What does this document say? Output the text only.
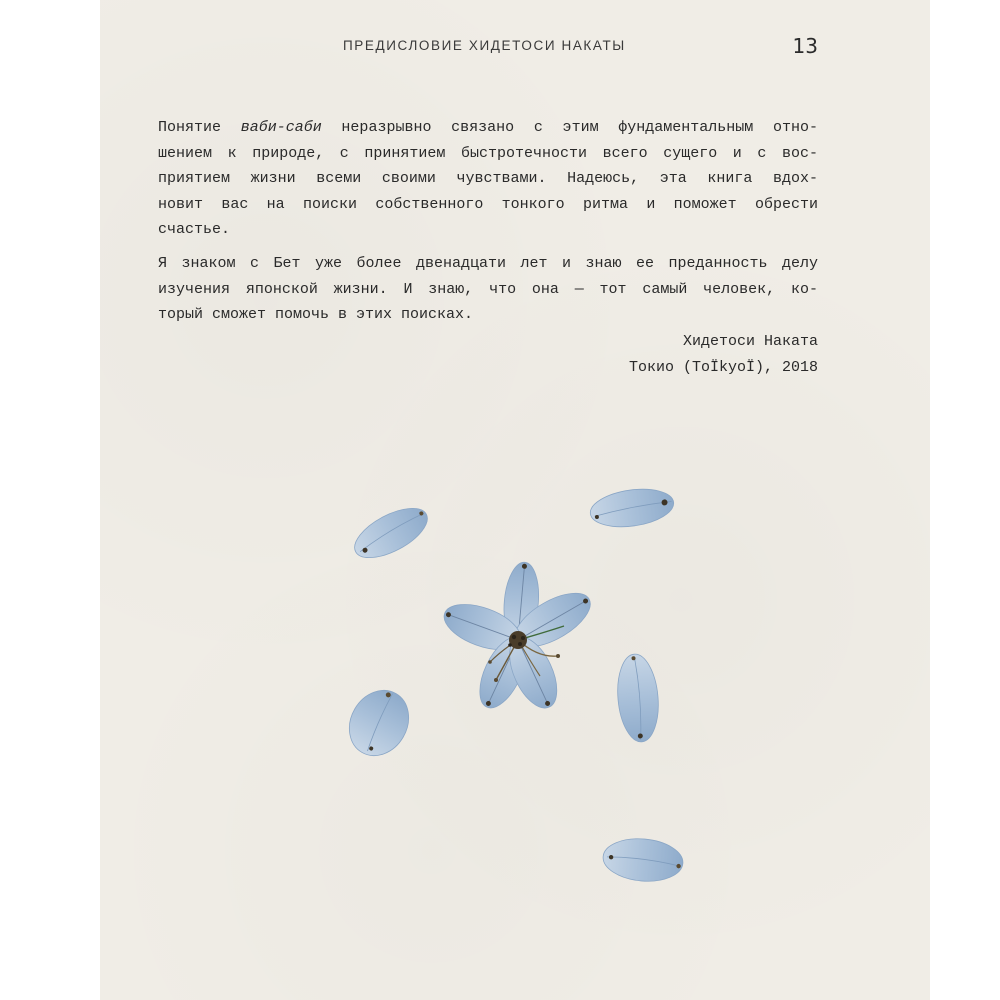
ПРЕДИСЛОВИЕ ХИДЕТОСИ НАКАТЫ	13
Понятие ваби-саби неразрывно связано с этим фундаментальным отно-
шением к природе, с принятием быстротечности всего сущего и с вос-
приятием жизни всеми своими чувствами. Надеюсь, эта книга вдох-
новит вас на поиски собственного тонкого ритма и поможет обрести
счастье.
Я знаком с Бет уже более двенадцати лет и знаю ее преданность делу
изучения японской жизни. И знаю, что она — тот самый человек, ко-
торый сможет помочь в этих поисках.
Хидетоси Наката
Токио (ToÏkyoÏ), 2018
